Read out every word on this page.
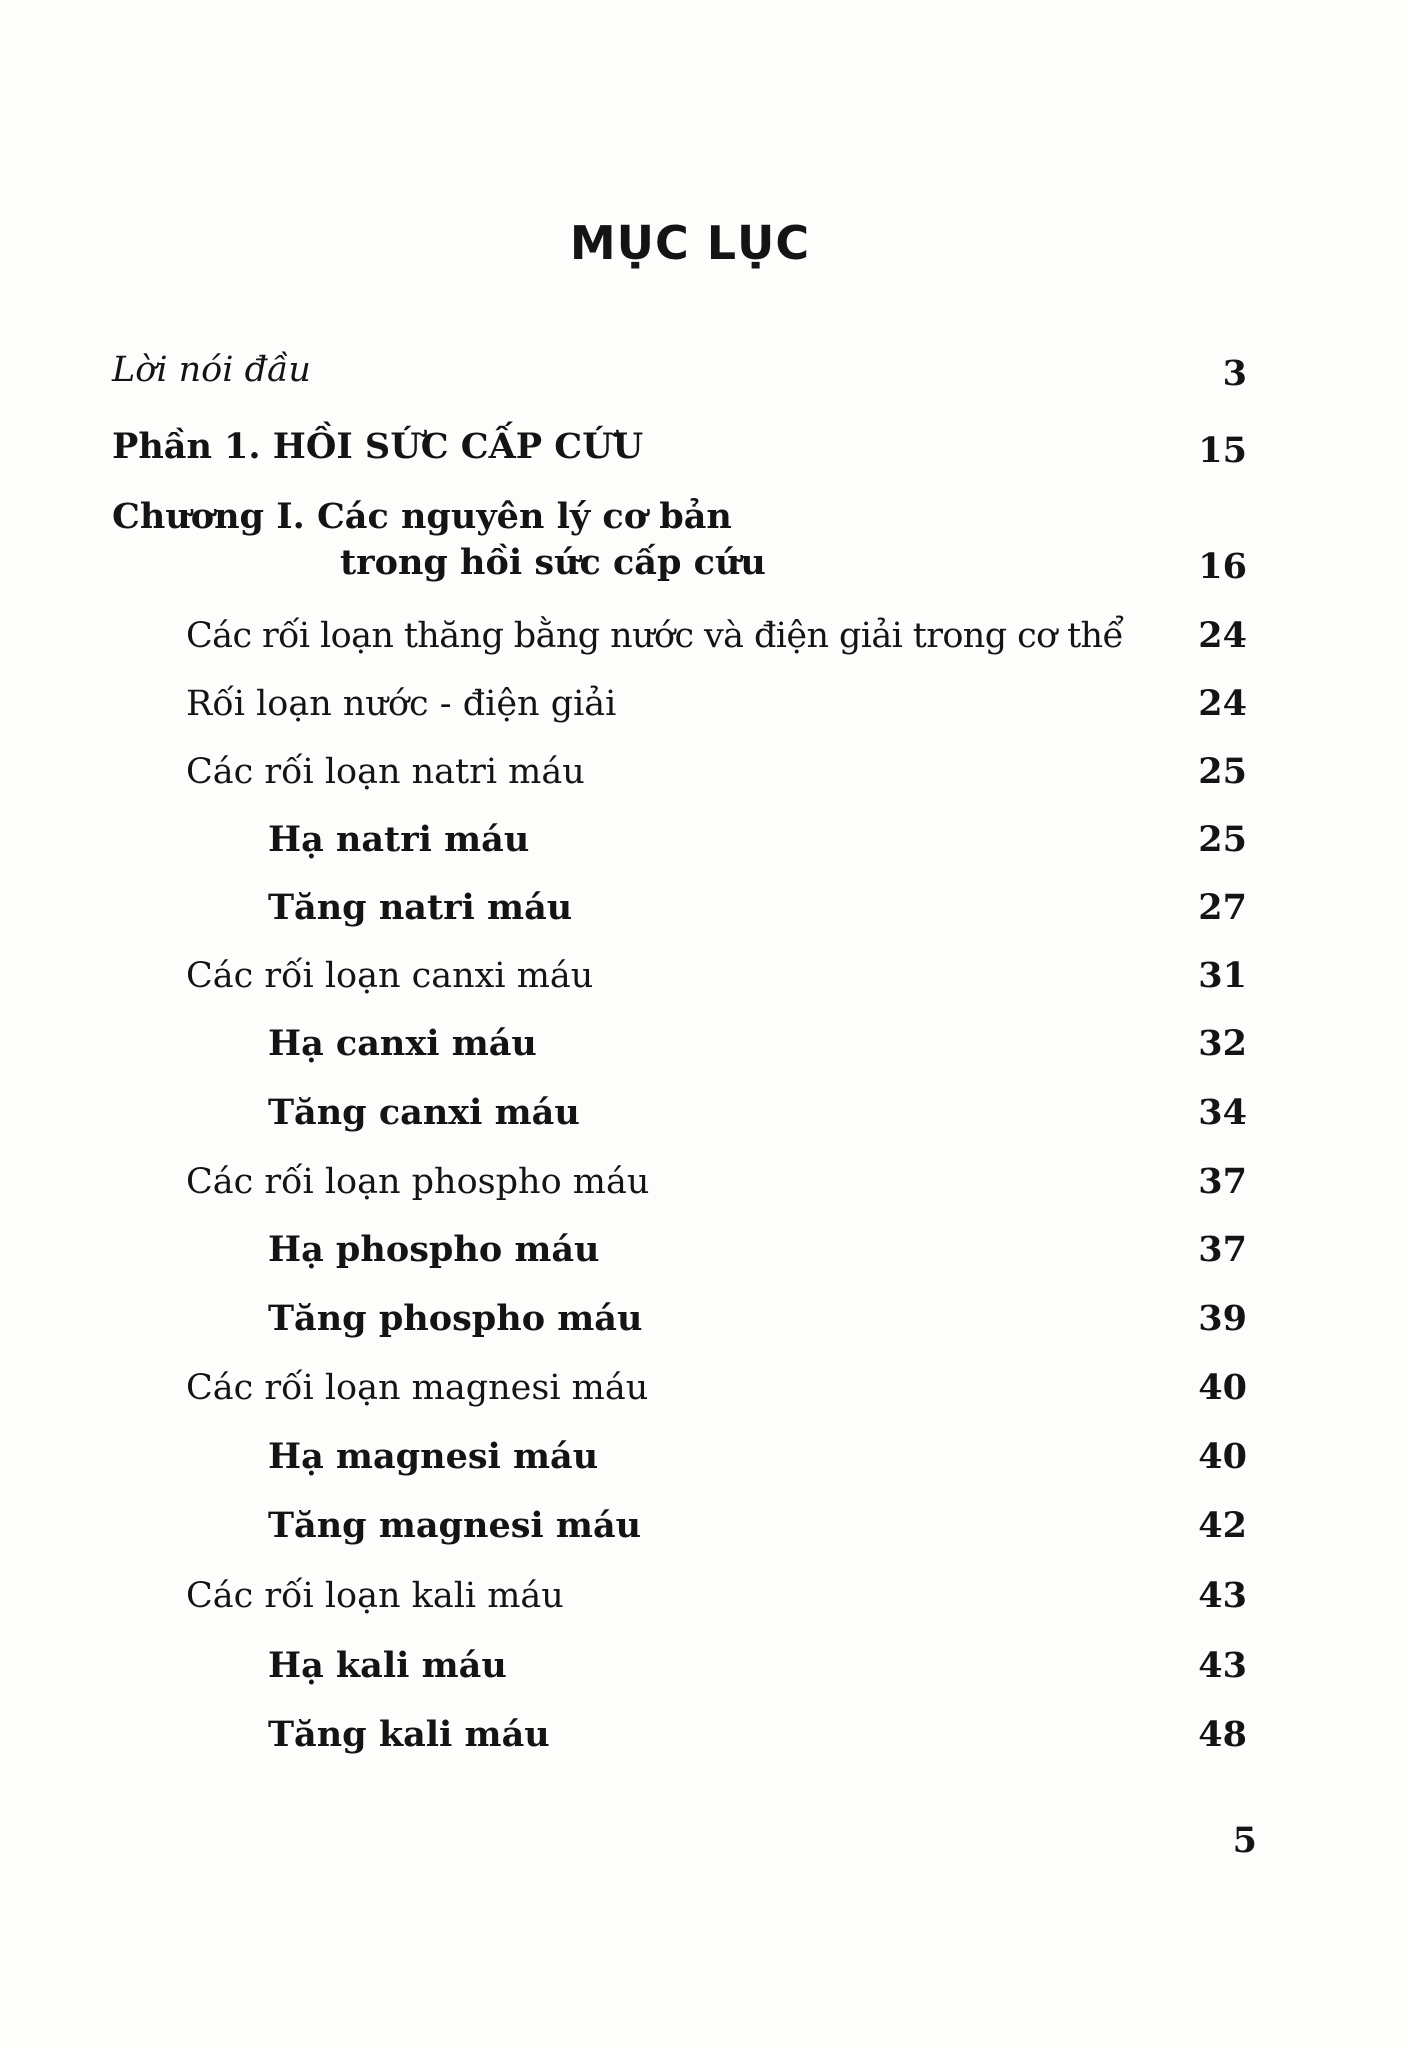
MỤC LỤC
Lời nói đầu	3
Phần 1. HỒI SỨC CẤP CỨU	15
Chương I. Các nguyên lý cơ bản
trong hồi sức cấp cứu	16
Các rối loạn thăng bằng nước và điện giải trong cơ thể 24
Rối loạn nước - điện giải	24
Các rối loạn natri máu	25
Hạ natri máu	25
Tăng natri máu	27
Các rối loạn canxi máu	31
Hạ canxi máu	32
Tăng canxi máu	34
Các rối loạn phospho máu	37
Hạ phospho máu	37
Tăng phospho máu	39
Các rối loạn magnesi máu	40
Hạ magnesi máu	40
Tăng magnesi máu	42
Các rối loạn kali máu	43
Hạ kali máu	43
Tăng kali máu	48
5
